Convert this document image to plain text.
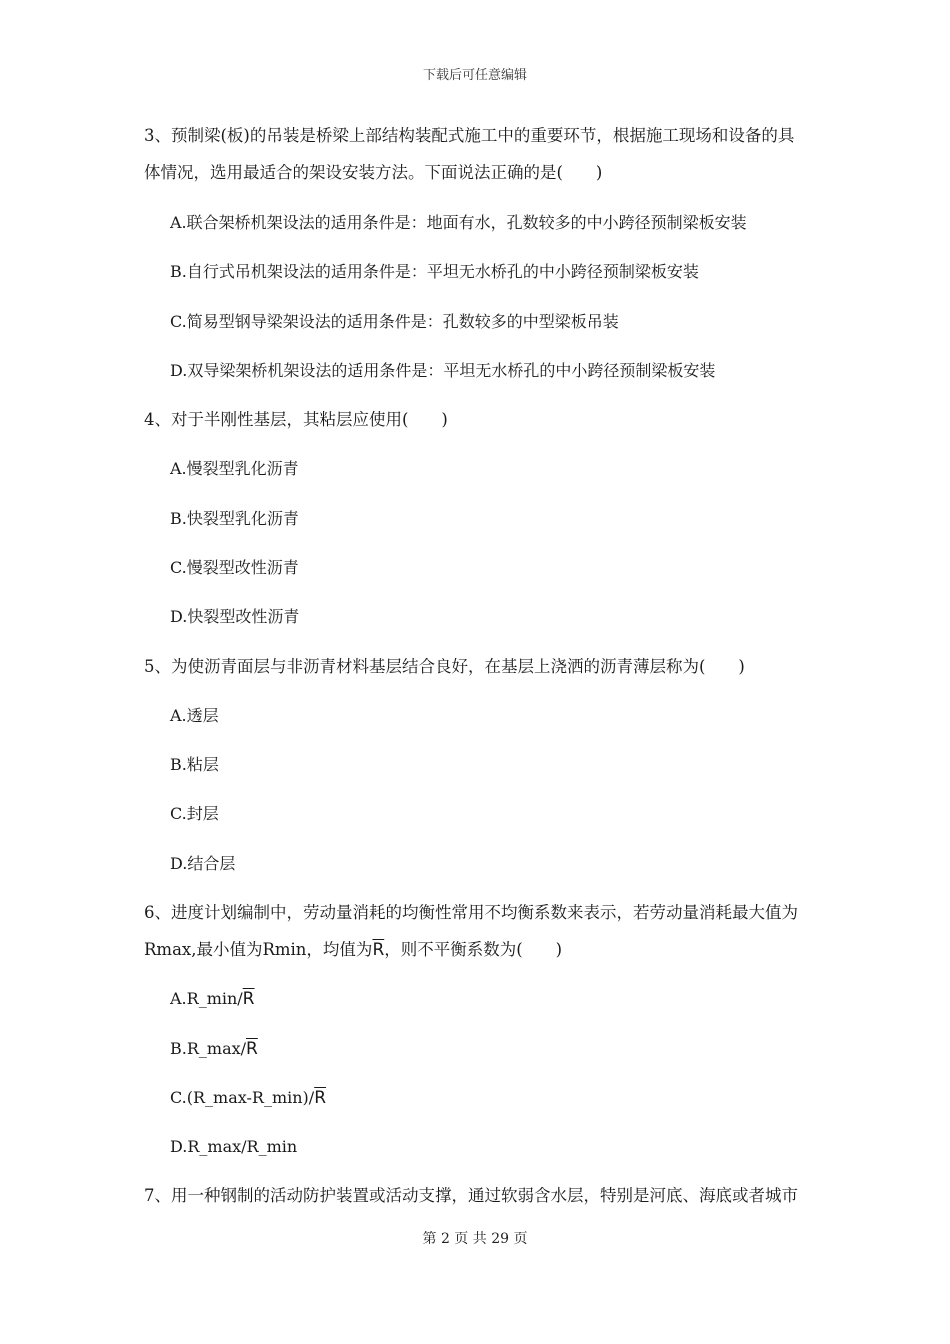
下载后可任意编辑
3、预制梁(板)的吊装是桥梁上部结构装配式施工中的重要环节，根据施工现场和设备的具
体情况，选用最适合的架设安装方法。下面说法正确的是(　　)
A.联合架桥机架设法的适用条件是：地面有水，孔数较多的中小跨径预制梁板安装
B.自行式吊机架设法的适用条件是：平坦无水桥孔的中小跨径预制梁板安装
C.简易型钢导梁架设法的适用条件是：孔数较多的中型梁板吊装
D.双导梁架桥机架设法的适用条件是：平坦无水桥孔的中小跨径预制梁板安装
4、对于半刚性基层，其粘层应使用(　　)
A.慢裂型乳化沥青
B.快裂型乳化沥青
C.慢裂型改性沥青
D.快裂型改性沥青
5、为使沥青面层与非沥青材料基层结合良好，在基层上浇洒的沥青薄层称为(　　)
A.透层
B.粘层
C.封层
D.结合层
6、进度计划编制中，劳动量消耗的均衡性常用不均衡系数来表示，若劳动量消耗最大值为
Rmax,最小值为Rmin，均值为$\overline{R}$，则不平衡系数为(　　)
$A.R\_\min/\overline{R}$
$B.R\_\max/\overline{R}$
$C.(R\_\max-R\_\min)/\overline{R}$
D.R_max/R_min
7、用一种钢制的活动防护装置或活动支撑，通过软弱含水层，特别是河底、海底或者城市
第 2 页 共 29 页
